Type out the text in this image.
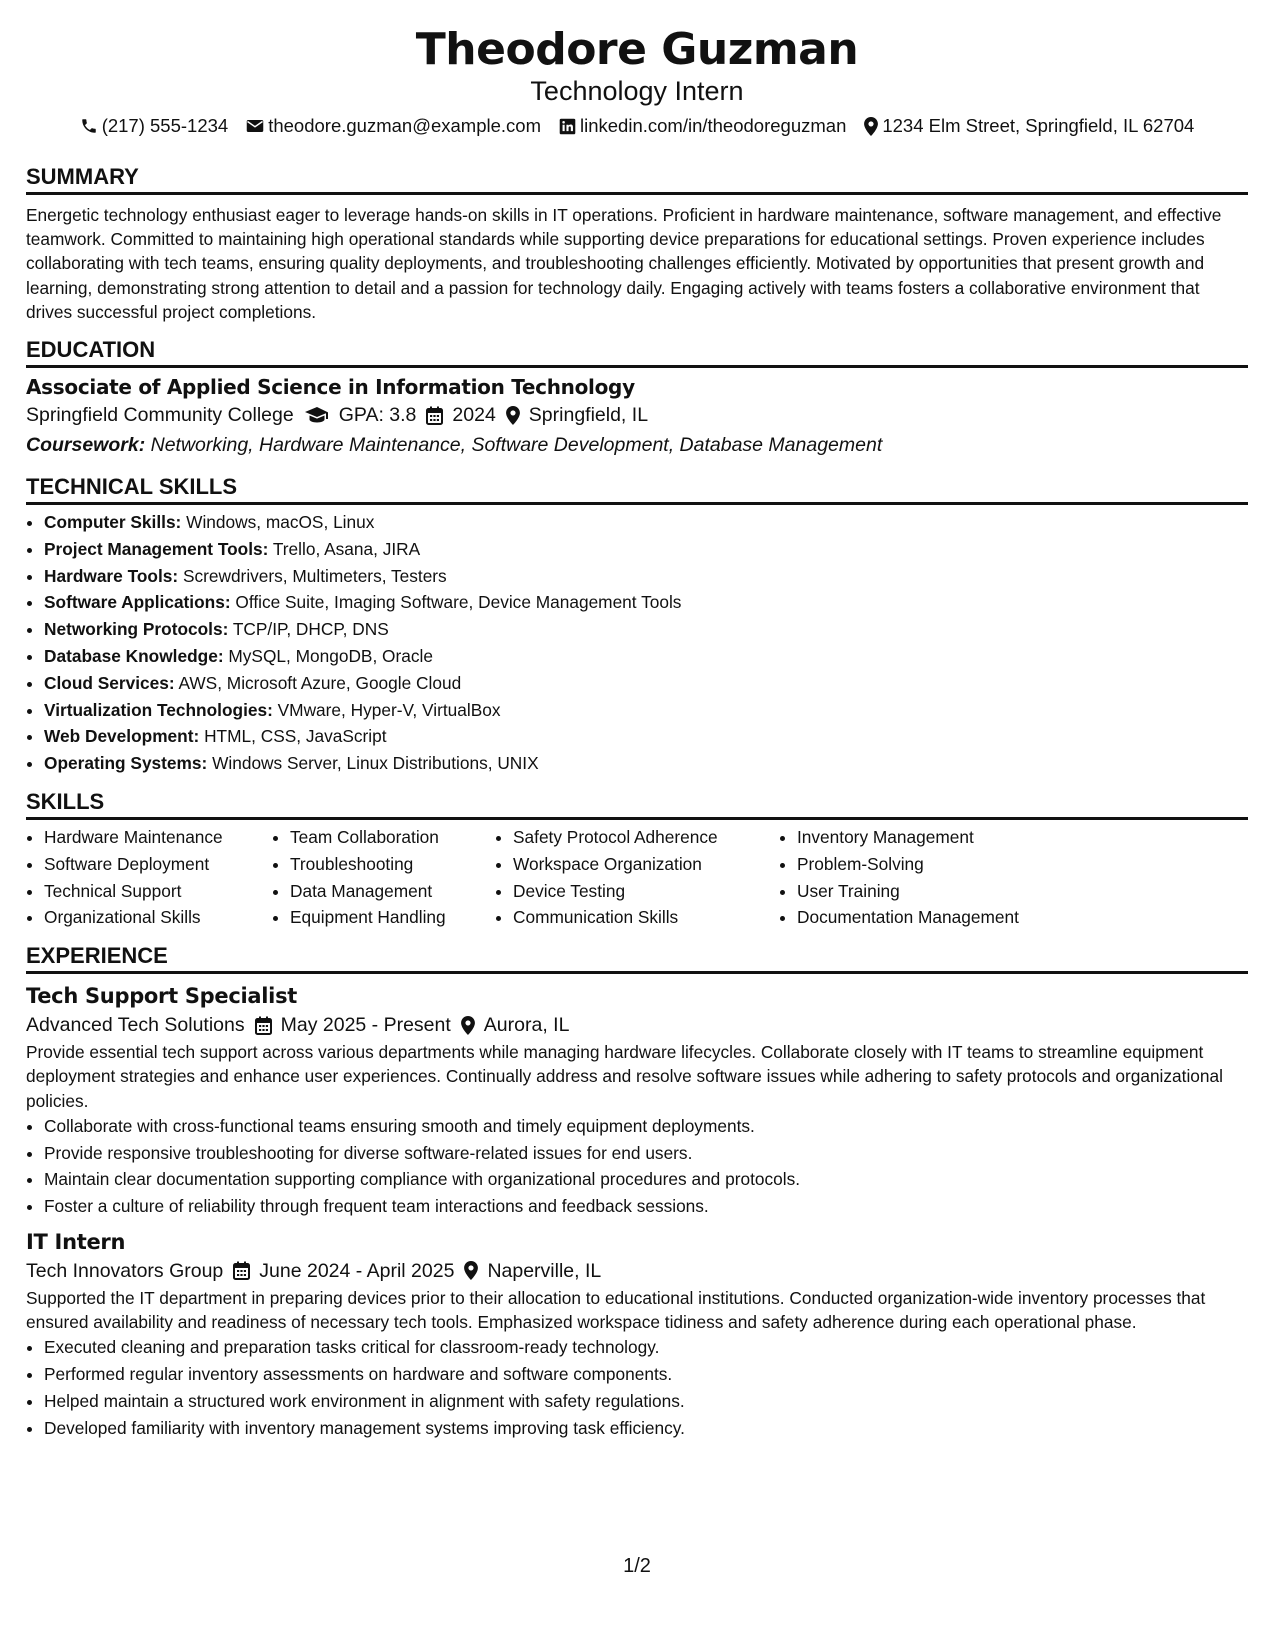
Theodore Guzman
Technology Intern
(217) 555-1234 theodore.guzman@example.com linkedin.com/in/theodoreguzman 1234 Elm Street, Springfield, IL 62704
SUMMARY

Energetic technology enthusiast eager to leverage hands-on skills in IT operations. Proficient in hardware maintenance, software management, and effective teamwork. Committed to maintaining high operational standards while supporting device preparations for educational settings. Proven experience includes collaborating with tech teams, ensuring quality deployments, and troubleshooting challenges efficiently. Motivated by opportunities that present growth and learning, demonstrating strong attention to detail and a passion for technology daily. Engaging actively with teams fosters a collaborative environment that drives successful project completions.

EDUCATION
Associate of Applied Science in Information Technology
Springfield Community College GPA: 3.8 2024 Springfield, IL
Coursework: Networking, Hardware Maintenance, Software Development, Database Management
TECHNICAL SKILLS
• Computer Skills: Windows, macOS, Linux
• Project Management Tools: Trello, Asana, JIRA
• Hardware Tools: Screwdrivers, Multimeters, Testers
• Software Applications: Office Suite, Imaging Software, Device Management Tools
• Networking Protocols: TCP/IP, DHCP, DNS
• Database Knowledge: MySQL, MongoDB, Oracle
• Cloud Services: AWS, Microsoft Azure, Google Cloud
• Virtualization Technologies: VMware, Hyper-V, VirtualBox
• Web Development: HTML, CSS, JavaScript
• Operating Systems: Windows Server, Linux Distributions, UNIX
SKILLS
• Hardware Maintenance
• Software Deployment
• Technical Support
• Organizational Skills
• Team Collaboration
• Troubleshooting
• Data Management
• Equipment Handling
• Safety Protocol Adherence
• Workspace Organization
• Device Testing
• Communication Skills
• Inventory Management
• Problem-Solving
• User Training
• Documentation Management
EXPERIENCE
Tech Support Specialist
Advanced Tech Solutions May 2025 - Present Aurora, IL

Provide essential tech support across various departments while managing hardware lifecycles. Collaborate closely with IT teams to streamline equipment deployment strategies and enhance user experiences. Continually address and resolve software issues while adhering to safety protocols and organizational policies.

• Collaborate with cross-functional teams ensuring smooth and timely equipment deployments.
• Provide responsive troubleshooting for diverse software-related issues for end users.
• Maintain clear documentation supporting compliance with organizational procedures and protocols.
• Foster a culture of reliability through frequent team interactions and feedback sessions.
IT Intern
Tech Innovators Group June 2024 - April 2025 Naperville, IL

Supported the IT department in preparing devices prior to their allocation to educational institutions. Conducted organization-wide inventory processes that ensured availability and readiness of necessary tech tools. Emphasized workspace tidiness and safety adherence during each operational phase.

• Executed cleaning and preparation tasks critical for classroom-ready technology.
• Performed regular inventory assessments on hardware and software components.
• Helped maintain a structured work environment in alignment with safety regulations.
• Developed familiarity with inventory management systems improving task efficiency.
1/2
